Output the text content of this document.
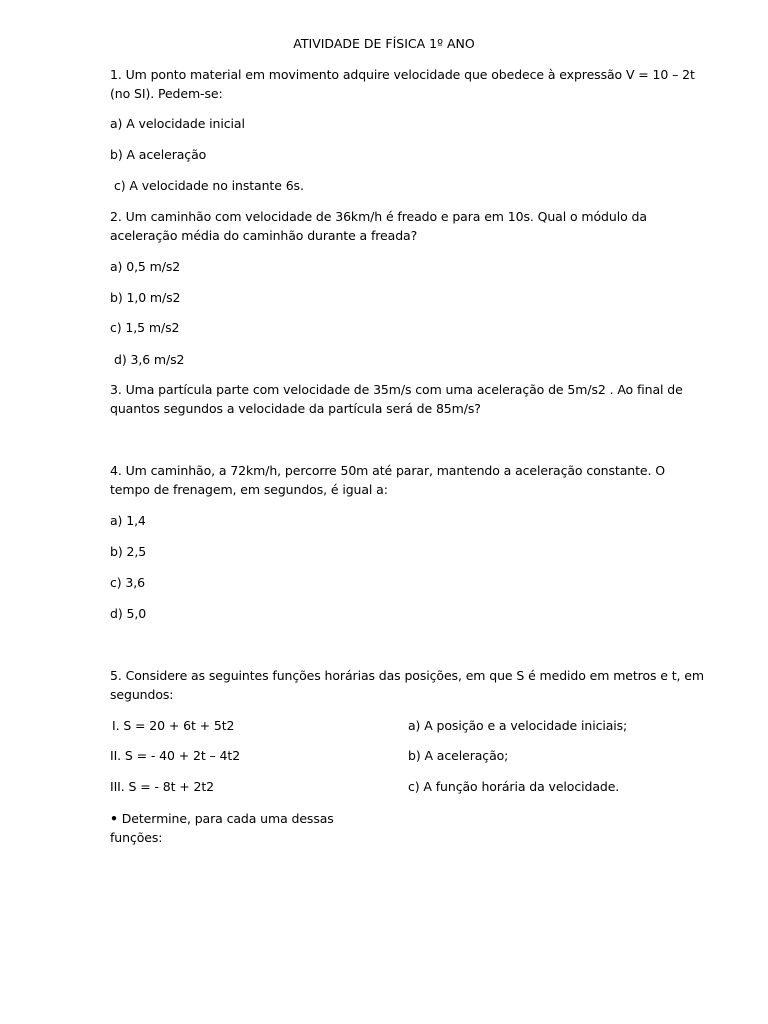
ATIVIDADE DE FÍSICA 1º ANO
1. Um ponto material em movimento adquire velocidade que obedece à expressão V = 10 – 2t
(no SI). Pedem-se:
a) A velocidade inicial
b) A aceleração
c) A velocidade no instante 6s.
2. Um caminhão com velocidade de 36km/h é freado e para em 10s. Qual o módulo da
aceleração média do caminhão durante a freada?
a) 0,5 m/s2
b) 1,0 m/s2
c) 1,5 m/s2
d) 3,6 m/s2
3. Uma partícula parte com velocidade de 35m/s com uma aceleração de 5m/s2 . Ao final de
quantos segundos a velocidade da partícula será de 85m/s?
4. Um caminhão, a 72km/h, percorre 50m até parar, mantendo a aceleração constante. O
tempo de frenagem, em segundos, é igual a:
a) 1,4
b) 2,5
c) 3,6
d) 5,0
5. Considere as seguintes funções horárias das posições, em que S é medido em metros e t, em
segundos:
I. S = 20 + 6t + 5t2
II. S = - 40 + 2t – 4t2
III. S = - 8t + 2t2
a) A posição e a velocidade iniciais;
b) A aceleração;
c) A função horária da velocidade.
• Determine, para cada uma dessas
funções:
